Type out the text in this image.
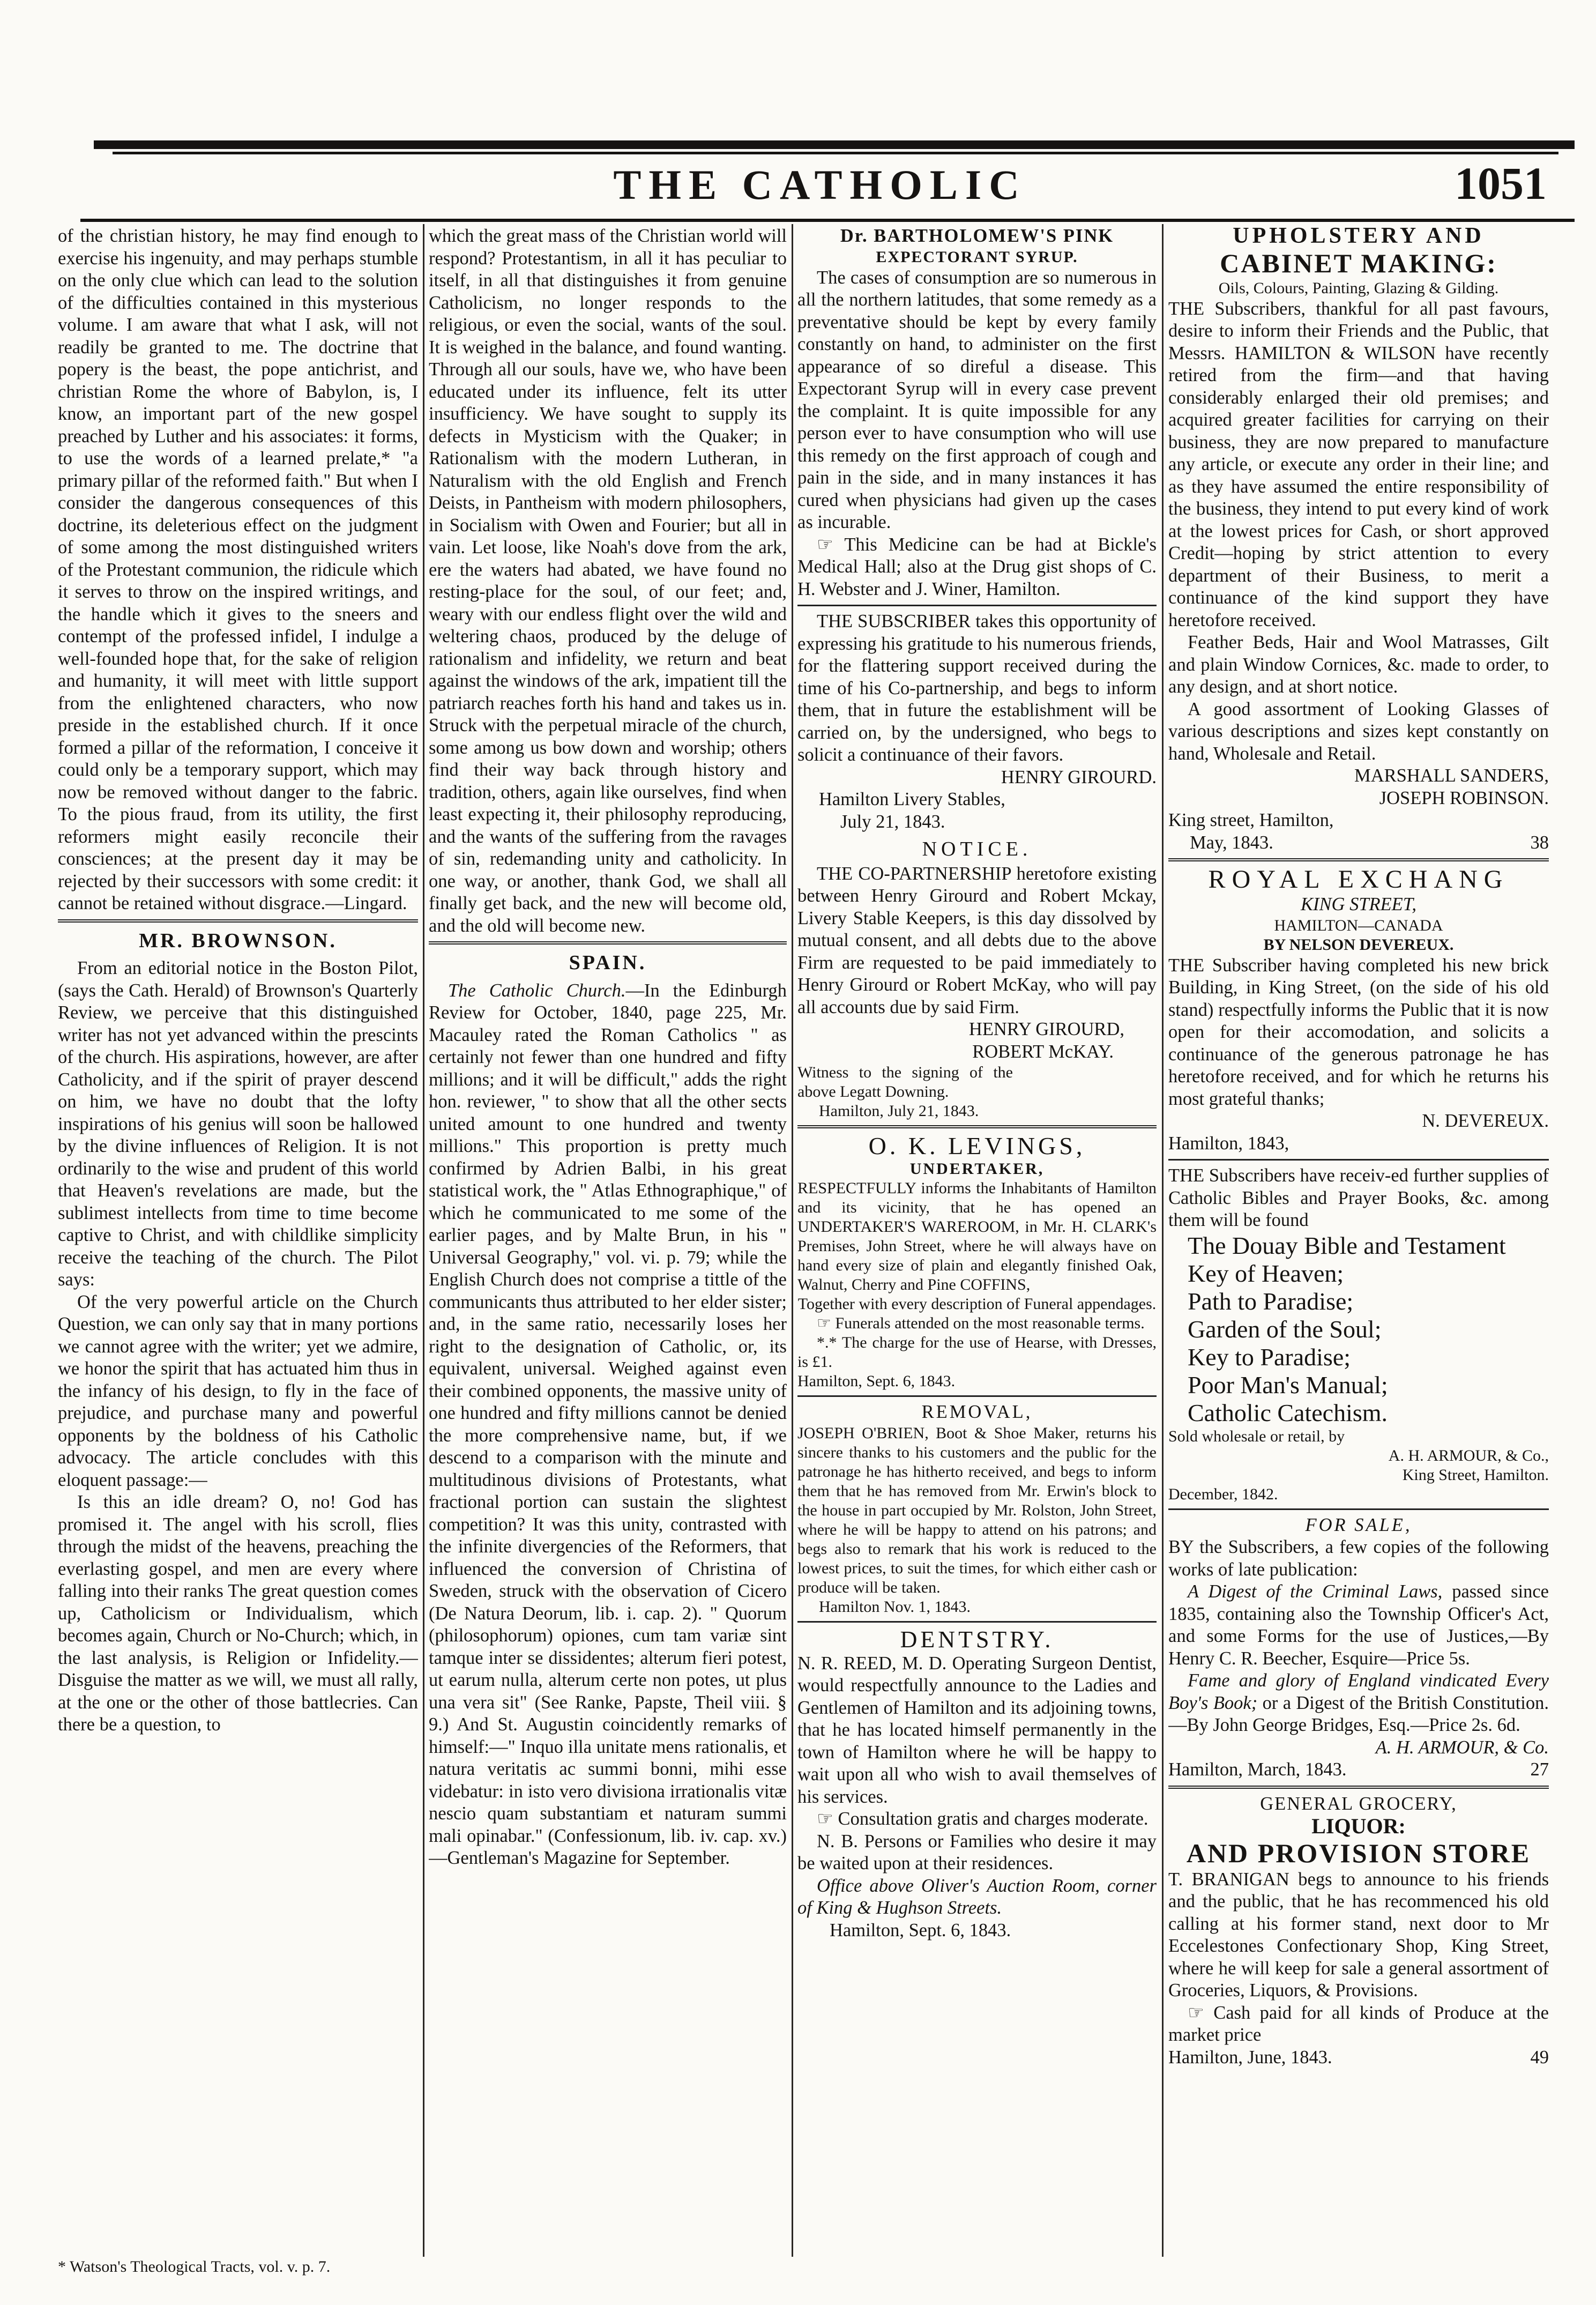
THE CATHOLIC	1051

of the christian history, he may find enough to exercise his ingenuity, and may perhaps stumble on the only clue which can lead to the solution of the difficulties contained in this mysterious volume. I am aware that what I ask, will not readily be granted to me. The doctrine that popery is the beast, the pope antichrist, and christian Rome the whore of Babylon, is, I know, an important part of the new gospel preached by Luther and his associates: it forms, to use the words of a learned prelate,* "a primary pillar of the reformed faith." But when I consider the dangerous consequences of this doctrine, its deleterious effect on the judgment of some among the most distinguished writers of the Protestant communion, the ridicule which it serves to throw on the inspired writings, and the handle which it gives to the sneers and contempt of the professed infidel, I indulge a well-founded hope that, for the sake of religion and humanity, it will meet with little support from the enlightened characters, who now preside in the established church. If it once formed a pillar of the reformation, I conceive it could only be a temporary support, which may now be removed without danger to the fabric. To the pious fraud, from its utility, the first reformers might easily reconcile their consciences; at the present day it may be rejected by their successors with some credit: it cannot be retained without disgrace.—Lingard.

MR. BROWNSON.

From an editorial notice in the Boston Pilot, (says the Cath. Herald) of Brownson's Quarterly Review, we perceive that this distinguished writer has not yet advanced within the prescints of the church. His aspirations, however, are after Catholicity, and if the spirit of prayer descend on him, we have no doubt that the lofty inspirations of his genius will soon be hallowed by the divine influences of Religion. It is not ordinarily to the wise and prudent of this world that Heaven's revelations are made, but the sublimest intellects from time to time become captive to Christ, and with childlike simplicity receive the teaching of the church. The Pilot says:

Of the very powerful article on the Church Question, we can only say that in many portions we cannot agree with the writer; yet we admire, we honor the spirit that has actuated him thus in the infancy of his design, to fly in the face of prejudice, and purchase many and powerful opponents by the boldness of his Catholic advocacy. The article concludes with this eloquent passage:—

Is this an idle dream? O, no! God has promised it. The angel with his scroll, flies through the midst of the heavens, preaching the everlasting gospel, and men are every where falling into their ranks The great question comes up, Catholicism or Individualism, which becomes again, Church or No-Church; which, in the last analysis, is Religion or Infidelity.—Disguise the matter as we will, we must all rally, at the one or the other of those battlecries. Can there be a question, to

* Watson's Theological Tracts, vol. v. p. 7.

which the great mass of the Christian world will respond? Protestantism, in all it has peculiar to itself, in all that distinguishes it from genuine Catholicism, no longer responds to the religious, or even the social, wants of the soul. It is weighed in the balance, and found wanting. Through all our souls, have we, who have been educated under its influence, felt its utter insufficiency. We have sought to supply its defects in Mysticism with the Quaker; in Rationalism with the modern Lutheran, in Naturalism with the old English and French Deists, in Pantheism with modern philosophers, in Socialism with Owen and Fourier; but all in vain. Let loose, like Noah's dove from the ark, ere the waters had abated, we have found no resting-place for the soul, of our feet; and, weary with our endless flight over the wild and weltering chaos, produced by the deluge of rationalism and infidelity, we return and beat against the windows of the ark, impatient till the patriarch reaches forth his hand and takes us in. Struck with the perpetual miracle of the church, some among us bow down and worship; others find their way back through history and tradition, others, again like ourselves, find when least expecting it, their philosophy reproducing, and the wants of the suffering from the ravages of sin, redemanding unity and catholicity. In one way, or another, thank God, we shall all finally get back, and the new will become old, and the old will become new.

SPAIN.

The Catholic Church.—In the Edinburgh Review for October, 1840, page 225, Mr. Macauley rated the Roman Catholics " as certainly not fewer than one hundred and fifty millions; and it will be difficult," adds the right hon. reviewer, " to show that all the other sects united amount to one hundred and twenty millions." This proportion is pretty much confirmed by Adrien Balbi, in his great statistical work, the " Atlas Ethnographique," of which he communicated to me some of the earlier pages, and by Malte Brun, in his " Universal Geography," vol. vi. p. 79; while the English Church does not comprise a tittle of the communicants thus attributed to her elder sister; and, in the same ratio, necessarily loses her right to the designation of Catholic, or, its equivalent, universal. Weighed against even their combined opponents, the massive unity of one hundred and fifty millions cannot be denied the more comprehensive name, but, if we descend to a comparison with the minute and multitudinous divisions of Protestants, what fractional portion can sustain the slightest competition? It was this unity, contrasted with the infinite divergencies of the Reformers, that influenced the conversion of Christina of Sweden, struck with the observation of Cicero (De Natura Deorum, lib. i. cap. 2). " Quorum (philosophorum) opiones, cum tam variæ sint tamque inter se dissidentes; alterum fieri potest, ut earum nulla, alterum certe non potes, ut plus una vera sit" (See Ranke, Papste, Theil viii. § 9.) And St. Augustin coincidently remarks of himself:—" Inquo illa unitate mens rationalis, et natura veritatis ac summi bonni, mihi esse videbatur: in isto vero divisiona irrationalis vitæ nescio quam substantiam et naturam summi mali opinabar." (Confessionum, lib. iv. cap. xv.)—Gentleman's Magazine for September.

Dr. BARTHOLOMEW'S PINK

EXPECTORANT SYRUP.

The cases of consumption are so numerous in all the northern latitudes, that some remedy as a preventative should be kept by every family constantly on hand, to administer on the first appearance of so direful a disease. This Expectorant Syrup will in every case prevent the complaint. It is quite impossible for any person ever to have consumption who will use this remedy on the first approach of cough and pain in the side, and in many instances it has cured when physicians had given up the cases as incurable.

☞ This Medicine can be had at Bickle's Medical Hall; also at the Drug gist shops of C. H. Webster and J. Winer, Hamilton.

THE SUBSCRIBER takes this opportunity of expressing his gratitude to his numerous friends, for the flattering support received during the time of his Co-partnership, and begs to inform them, that in future the establishment will be carried on, by the undersigned, who begs to solicit a continuance of their favors.

HENRY GIROURD.

Hamilton Livery Stables,

July 21, 1843.

NOTICE.

THE CO-PARTNERSHIP heretofore existing between Henry Girourd and Robert Mckay, Livery Stable Keepers, is this day dissolved by mutual consent, and all debts due to the above Firm are requested to be paid immediately to Henry Girourd or Robert McKay, who will pay all accounts due by said Firm.

HENRY GIROURD,

ROBERT McKAY.

Witness to the signing of the above Legatt Downing.

Hamilton, July 21, 1843.

O. K. LEVINGS,

UNDERTAKER,

RESPECTFULLY informs the Inhabitants of Hamilton and its vicinity, that he has opened an UNDERTAKER'S WAREROOM, in Mr. H. CLARK's Premises, John Street, where he will always have on hand every size of plain and elegantly finished Oak, Walnut, Cherry and Pine COFFINS,

Together with every description of Funeral appendages.

☞ Funerals attended on the most reasonable terms.

*.* The charge for the use of Hearse, with Dresses, is £1.

Hamilton, Sept. 6, 1843.

REMOVAL,

JOSEPH O'BRIEN, Boot & Shoe Maker, returns his sincere thanks to his customers and the public for the patronage he has hitherto received, and begs to inform them that he has removed from Mr. Erwin's block to the house in part occupied by Mr. Rolston, John Street, where he will be happy to attend on his patrons; and begs also to remark that his work is reduced to the lowest prices, to suit the times, for which either cash or produce will be taken.

Hamilton Nov. 1, 1843.

DENTSTRY.

N. R. REED, M. D. Operating Surgeon Dentist, would respectfully announce to the Ladies and Gentlemen of Hamilton and its adjoining towns, that he has located himself permanently in the town of Hamilton where he will be happy to wait upon all who wish to avail themselves of his services.

☞ Consultation gratis and charges moderate.

N. B. Persons or Families who desire it may be waited upon at their residences.

Office above Oliver's Auction Room, corner of King & Hughson Streets.

Hamilton, Sept. 6, 1843.

UPHOLSTERY AND

CABINET MAKING:

Oils, Colours, Painting, Glazing & Gilding.

THE Subscribers, thankful for all past favours, desire to inform their Friends and the Public, that Messrs. HAMILTON & WILSON have recently retired from the firm—and that having considerably enlarged their old premises; and acquired greater facilities for carrying on their business, they are now prepared to manufacture any article, or execute any order in their line; and as they have assumed the entire responsibility of the business, they intend to put every kind of work at the lowest prices for Cash, or short approved Credit—hoping by strict attention to every department of their Business, to merit a continuance of the kind support they have heretofore received.

Feather Beds, Hair and Wool Matrasses, Gilt and plain Window Cornices, &c. made to order, to any design, and at short notice.

A good assortment of Looking Glasses of various descriptions and sizes kept constantly on hand, Wholesale and Retail.

MARSHALL SANDERS,

JOSEPH ROBINSON.

King street, Hamilton,

May, 1843.	38

ROYAL EXCHANG

KING STREET,

HAMILTON—CANADA

BY NELSON DEVEREUX.

THE Subscriber having completed his new brick Building, in King Street, (on the side of his old stand) respectfully informs the Public that it is now open for their accomodation, and solicits a continuance of the generous patronage he has heretofore received, and for which he returns his most grateful thanks;

N. DEVEREUX.

Hamilton, 1843,

THE Subscribers have receiv-ed further supplies of Catholic Bibles and Prayer Books, &c. among them will be found

The Douay Bible and Testament

Key of Heaven;

Path to Paradise;

Garden of the Soul;

Key to Paradise;

Poor Man's Manual;

Catholic Catechism.

Sold wholesale or retail, by

A. H. ARMOUR, & Co.,

King Street, Hamilton.

December, 1842.

FOR SALE,

BY the Subscribers, a few copies of the following works of late publication:

A Digest of the Criminal Laws, passed since 1835, containing also the Township Officer's Act, and some Forms for the use of Justices,—By Henry C. R. Beecher, Esquire—Price 5s.

Fame and glory of England vindicated Every Boy's Book; or a Digest of the British Constitution.—By John George Bridges, Esq.—Price 2s. 6d.

A. H. ARMOUR, & Co.

Hamilton, March, 1843.	27

GENERAL GROCERY,

LIQUOR:

AND PROVISION STORE

T. BRANIGAN begs to announce to his friends and the public, that he has recommenced his old calling at his former stand, next door to Mr Eccelestones Confectionary Shop, King Street, where he will keep for sale a general assortment of Groceries, Liquors, & Provisions.

☞ Cash paid for all kinds of Produce at the market price

Hamilton, June, 1843.	49
